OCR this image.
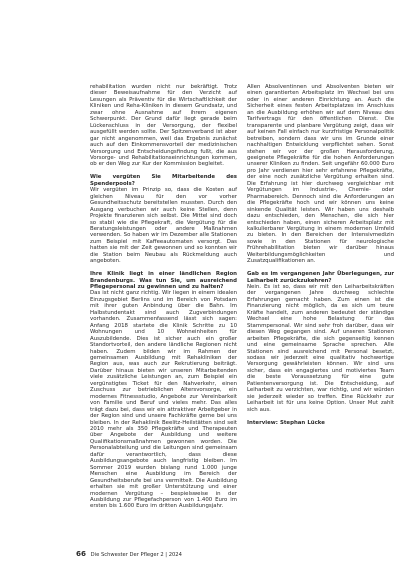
rehabilitation wurden nicht nur bekräftigt. Trotz dieser Beweisaufnahme für den Verzicht auf Lesungen als Präventiv für die Wirtschaftlichkeit der Kliniken und Reha-Kliniken in diesem Grundsatz, und zwar ohne Ausnahme auf ihrem eigenen Schwerpunkt. Der Grund dafür liegt gerade beim Lückenschluss in der Versorgung, der flexibel ausgefüllt werden sollte. Der Spitzenverband ist aber gar nicht angenommen, weil das Ergebnis zunächst auch auf den Einkommensvorteil der medizinischen Versorgung und Entscheidungsfindung fußt, die aus Vorsorge- und Rehabilitationseinrichtungen kommen, ob er den Weg zur Kur der Kommission begleitet.

Wie vergüten Sie Mitarbeitende des Spenderpools?

Wir vergüten im Prinzip so, dass die Kosten auf gleichen Niveau für den vor vorher Gesundheitsschutz bereitstellen mussten. Durch den Ausgang verbuchen wir auch keine Stellen, denn Projekte finanzieren sich selbst. Die Mittel sind doch so stabil wie die Pflegekraft, die Vergütung für die Beratungsleistungen oder andere Maßnahmen verwenden. So haben wir im Dezember alle Stationen zum Beispiel mit Kaffeeautomaten versorgt. Das hatten sie mit der Zeit gewonnen und so konnten wir die Station beim Neubau als Rückmeldung auch angeboten.

Ihre Klinik liegt in einer ländlichen Region Brandenburgs. Was tun Sie, um ausreichend Pflegepersonal zu gewinnen und zu halten?

Das ist nicht ganz richtig. Wir liegen in einem idealen Einzugsgebiet Berlins und im Bereich von Potsdam mit ihrer guten Anbindung über die Bahn. Im Halbstundentakt sind auch Zugverbindungen vorhanden. Zusammenfassend lässt sich sagen: Anfang 2018 startete die Klinik Schritte zu 10 Wohnungen und 10 Wohneinheiten für Auszubildende. Dies ist sicher auch ein großer Standortvorteil, den andere ländliche Regionen nicht haben. Zudem bilden wir im Rahmen der gemeinsamen Ausbildung mit Rehakliniken der Region aus, was auch zur Rekrutierung beiträgt. Darüber hinaus bieten wir unseren Mitarbeitenden viele zusätzliche Leistungen an, zum Beispiel ein vergünstigtes Ticket für den Nahverkehr, einen Zuschuss zur betrieblichen Altersvorsorge, ein modernes Fitnessstudio, Angebote zur Vereinbarkeit von Familie und Beruf und vieles mehr. Das alles trägt dazu bei, dass wir ein attraktiver Arbeitgeber in der Region sind und unsere Fachkräfte gerne bei uns bleiben. In der Rehaklinik Beelitz-Heilstätten sind seit 2010 mehr als 350 Pflegekräfte und Therapeuten über Angebote der Ausbildung und weitere Qualifikationsmaßnahmen gewonnen worden. Die Personalabteilung und die Leitungen sind gemeinsam dafür verantwortlich, dass diese Ausbildungsangebote auch langfristig bleiben. Im Sommer 2019 wurden bislang rund 1.000 junge Menschen eine Ausbildung im Bereich der Gesundheitsberufe bei uns vermittelt. Die Ausbildung erhalten sie mit großer Unterstützung und einer modernen Vergütung – bespielsweise in der Ausbildung zur Pflegefachperson von 1.400 Euro im ersten bis 1.600 Euro im dritten Ausbildungsjahr.

Allen Absolventinnen und Absolventen bieten wir einen garantierten Arbeitsplatz im Wechsel bei uns oder in einer anderen Einrichtung an. Auch die Sicherheit eines festen Arbeitsplatzes im Anschluss an die Ausbildung erhöhen wir auf dem Niveau des Tarifvertrags für den öffentlichen Dienst. Die transparente und planbare Vergütung zeigt, dass wir auf keinen Fall einfach nur kurzfristige Personalpolitik betreiben, sondern dass wir uns im Grunde einer nachhaltigen Entwicklung verpflichtet sehen. Sonst stehen wir vor der großen Herausforderung, geeignete Pflegekräfte für die hohen Anforderungen unserer Kliniken zu finden. Seit ungefähr 60.000 Euro pro Jahr verdienen hier sehr erfahrene Pflegekräfte, der eine noch zusätzliche Vergütung erhalten sind. Die Erfahrung ist hier durchweg vergleichbar mit Vergütungen im Industrie-, Chemie- oder Pharmabereich. Dennoch sind die Anforderungen an die Pflegekräfte hoch und wir können uns keine sinkende Qualität leisten. Wir haben uns deshalb dazu entschieden, den Menschen, die sich hier entschieden haben, einen sicheren Arbeitsplatz mit kalkulierbarer Vergütung in einem modernen Umfeld zu bieten. In den Bereichen der Intensivmedizin sowie in den Stationen für neurologische Frührehabilitation bieten wir darüber hinaus Weiterbildungsmöglichkeiten und Zusatzqualifikationen an.

Gab es im vergangenen Jahr Überlegungen, zur Leiharbeit zurückzukehren?

Nein. Es ist so, dass wir mit den Leiharbeitskräften der vergangenen Jahre durchweg schlechte Erfahrungen gemacht haben. Zum einen ist die Finanzierung nicht möglich, da es sich um teure Kräfte handelt, zum anderen bedeutet der ständige Wechsel eine hohe Belastung für das Stammpersonal. Wir sind sehr froh darüber, dass wir diesen Weg gegangen sind. Auf unseren Stationen arbeiten Pflegekräfte, die sich gegenseitig kennen und eine gemeinsame Sprache sprechen. Alle Stationen sind ausreichend mit Personal besetzt, sodass wir jederzeit eine qualitativ hochwertige Versorgung gewährleisten können. Wir sind uns sicher, dass ein engagiertes und motiviertes Team die beste Voraussetzung für eine gute Patientenversorgung ist. Die Entscheidung, auf Leiharbeit zu verzichten, war richtig, und wir würden sie jederzeit wieder so treffen. Eine Rückkehr zur Leiharbeit ist für uns keine Option. Unser Mut zahlt sich aus.

Interview: Stephan Lücke

66 Die Schwester Der Pfleger 2 | 2024
